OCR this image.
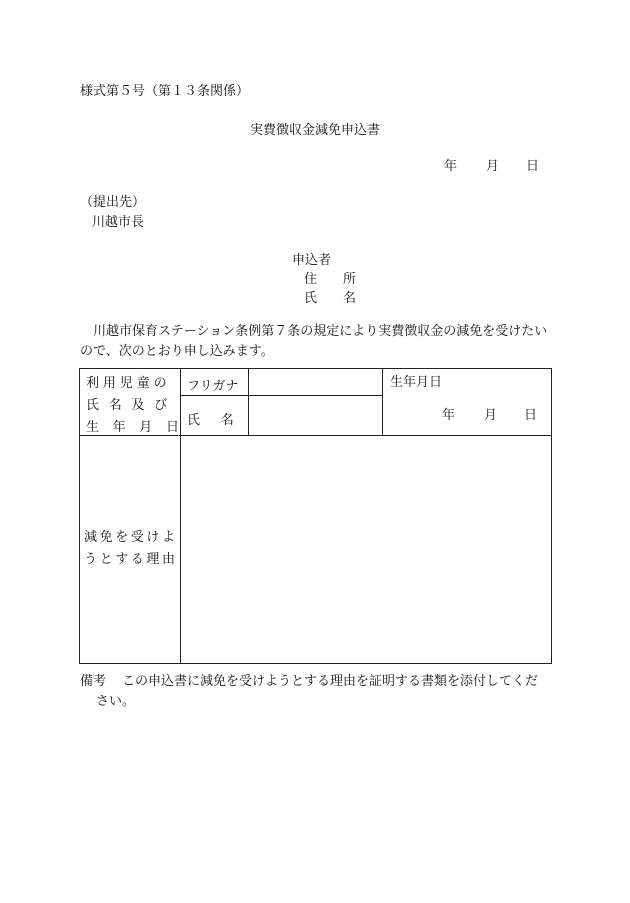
様式第５号（第１３条関係）
実費徴収金減免申込書
年 月 日
（提出先）
川越市長
申込者
住　　所
氏　　名
川越市保育ステーション条例第７条の規定により実費徴収金の減免を受けたいので、次のとおり申し込みます。
利用児童の
氏名及び
生年月日
フリガナ
氏名
生年月日
年 月 日
減免を受けよ
うとする理由
備考 この申込書に減免を受けようとする理由を証明する書類を添付してくだ
さい。
